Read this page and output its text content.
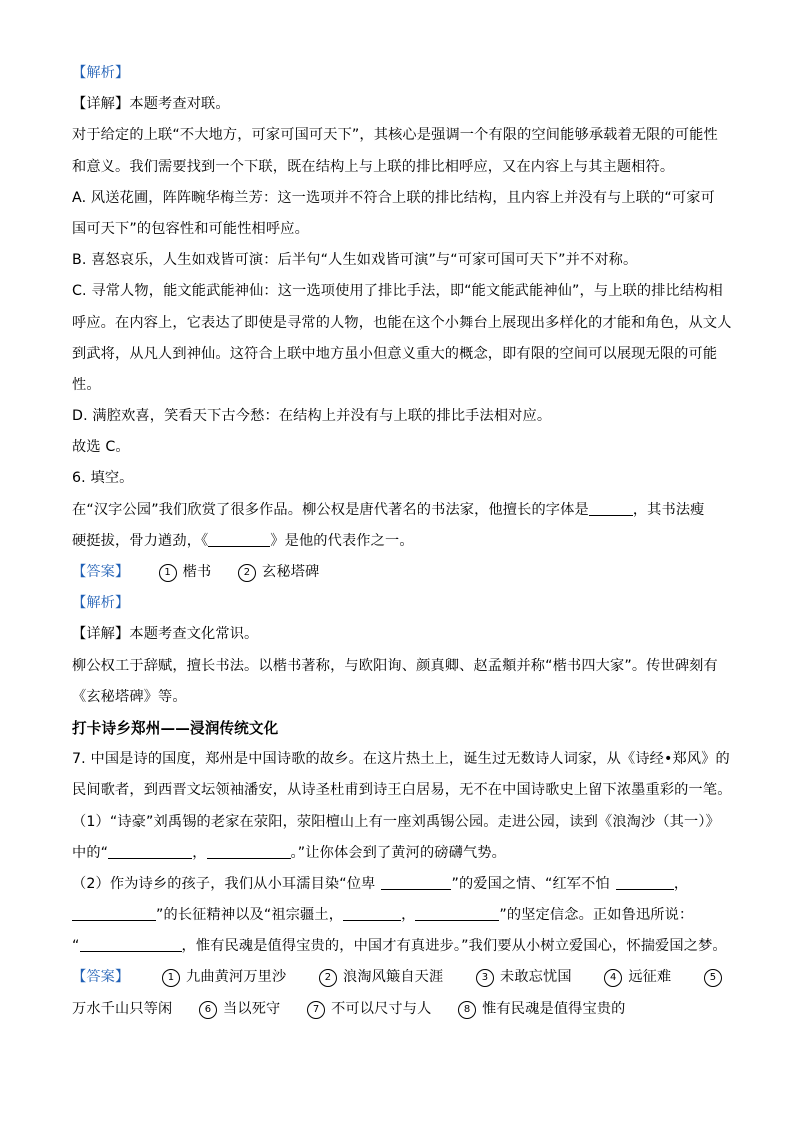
【解析】
【详解】本题考查对联。
对于给定的上联“不大地方，可家可国可天下”，其核心是强调一个有限的空间能够承载着无限的可能性
和意义。我们需要找到一个下联，既在结构上与上联的排比相呼应，又在内容上与其主题相符。
A. 风送花圃，阵阵畹华梅兰芳：这一选项并不符合上联的排比结构，且内容上并没有与上联的“可家可
国可天下”的包容性和可能性相呼应。
B. 喜怒哀乐，人生如戏皆可演：后半句“人生如戏皆可演”与“可家可国可天下”并不对称。
C. 寻常人物，能文能武能神仙：这一选项使用了排比手法，即“能文能武能神仙”，与上联的排比结构相
呼应。在内容上，它表达了即使是寻常的人物，也能在这个小舞台上展现出多样化的才能和角色，从文人
到武将，从凡人到神仙。这符合上联中地方虽小但意义重大的概念，即有限的空间可以展现无限的可能
性。
D. 满腔欢喜，笑看天下古今愁：在结构上并没有与上联的排比手法相对应。
故选 C。
6. 填空。
在“汉字公园”我们欣赏了很多作品。柳公权是唐代著名的书法家，他擅长的字体是	，其书法瘦
硬挺拔，骨力遒劲，《	》是他的代表作之一。
【答案】	1 楷书	2 玄秘塔碑
【解析】
【详解】本题考查文化常识。
柳公权工于辞赋，擅长书法。以楷书著称，与欧阳询、颜真卿、赵孟頫并称“楷书四大家”。传世碑刻有
《玄秘塔碑》等。
打卡诗乡郑州——浸润传统文化
7. 中国是诗的国度，郑州是中国诗歌的故乡。在这片热土上，诞生过无数诗人词家，从《诗经•郑风》的
民间歌者，到西晋文坛领袖潘安，从诗圣杜甫到诗王白居易，无不在中国诗歌史上留下浓墨重彩的一笔。
（1）“诗豪”刘禹锡的老家在荥阳，荥阳檀山上有一座刘禹锡公园。走进公园，读到《浪淘沙（其一）》
中的“	，	。”让你体会到了黄河的磅礴气势。
（2）作为诗乡的孩子，我们从小耳濡目染“位卑	”的爱国之情、“红军不怕	，
”的长征精神以及“祖宗疆土，	，	”的坚定信念。正如鲁迅所说：
“	，惟有民魂是值得宝贵的，中国才有真进步。”我们要从小树立爱国心，怀揣爱国之梦。
【答案】	1 九曲黄河万里沙	2 浪淘风簸自天涯	3 未敢忘忧国	4 远征难	5
万水千山只等闲	6 当以死守	7 不可以尺寸与人	8 惟有民魂是值得宝贵的
